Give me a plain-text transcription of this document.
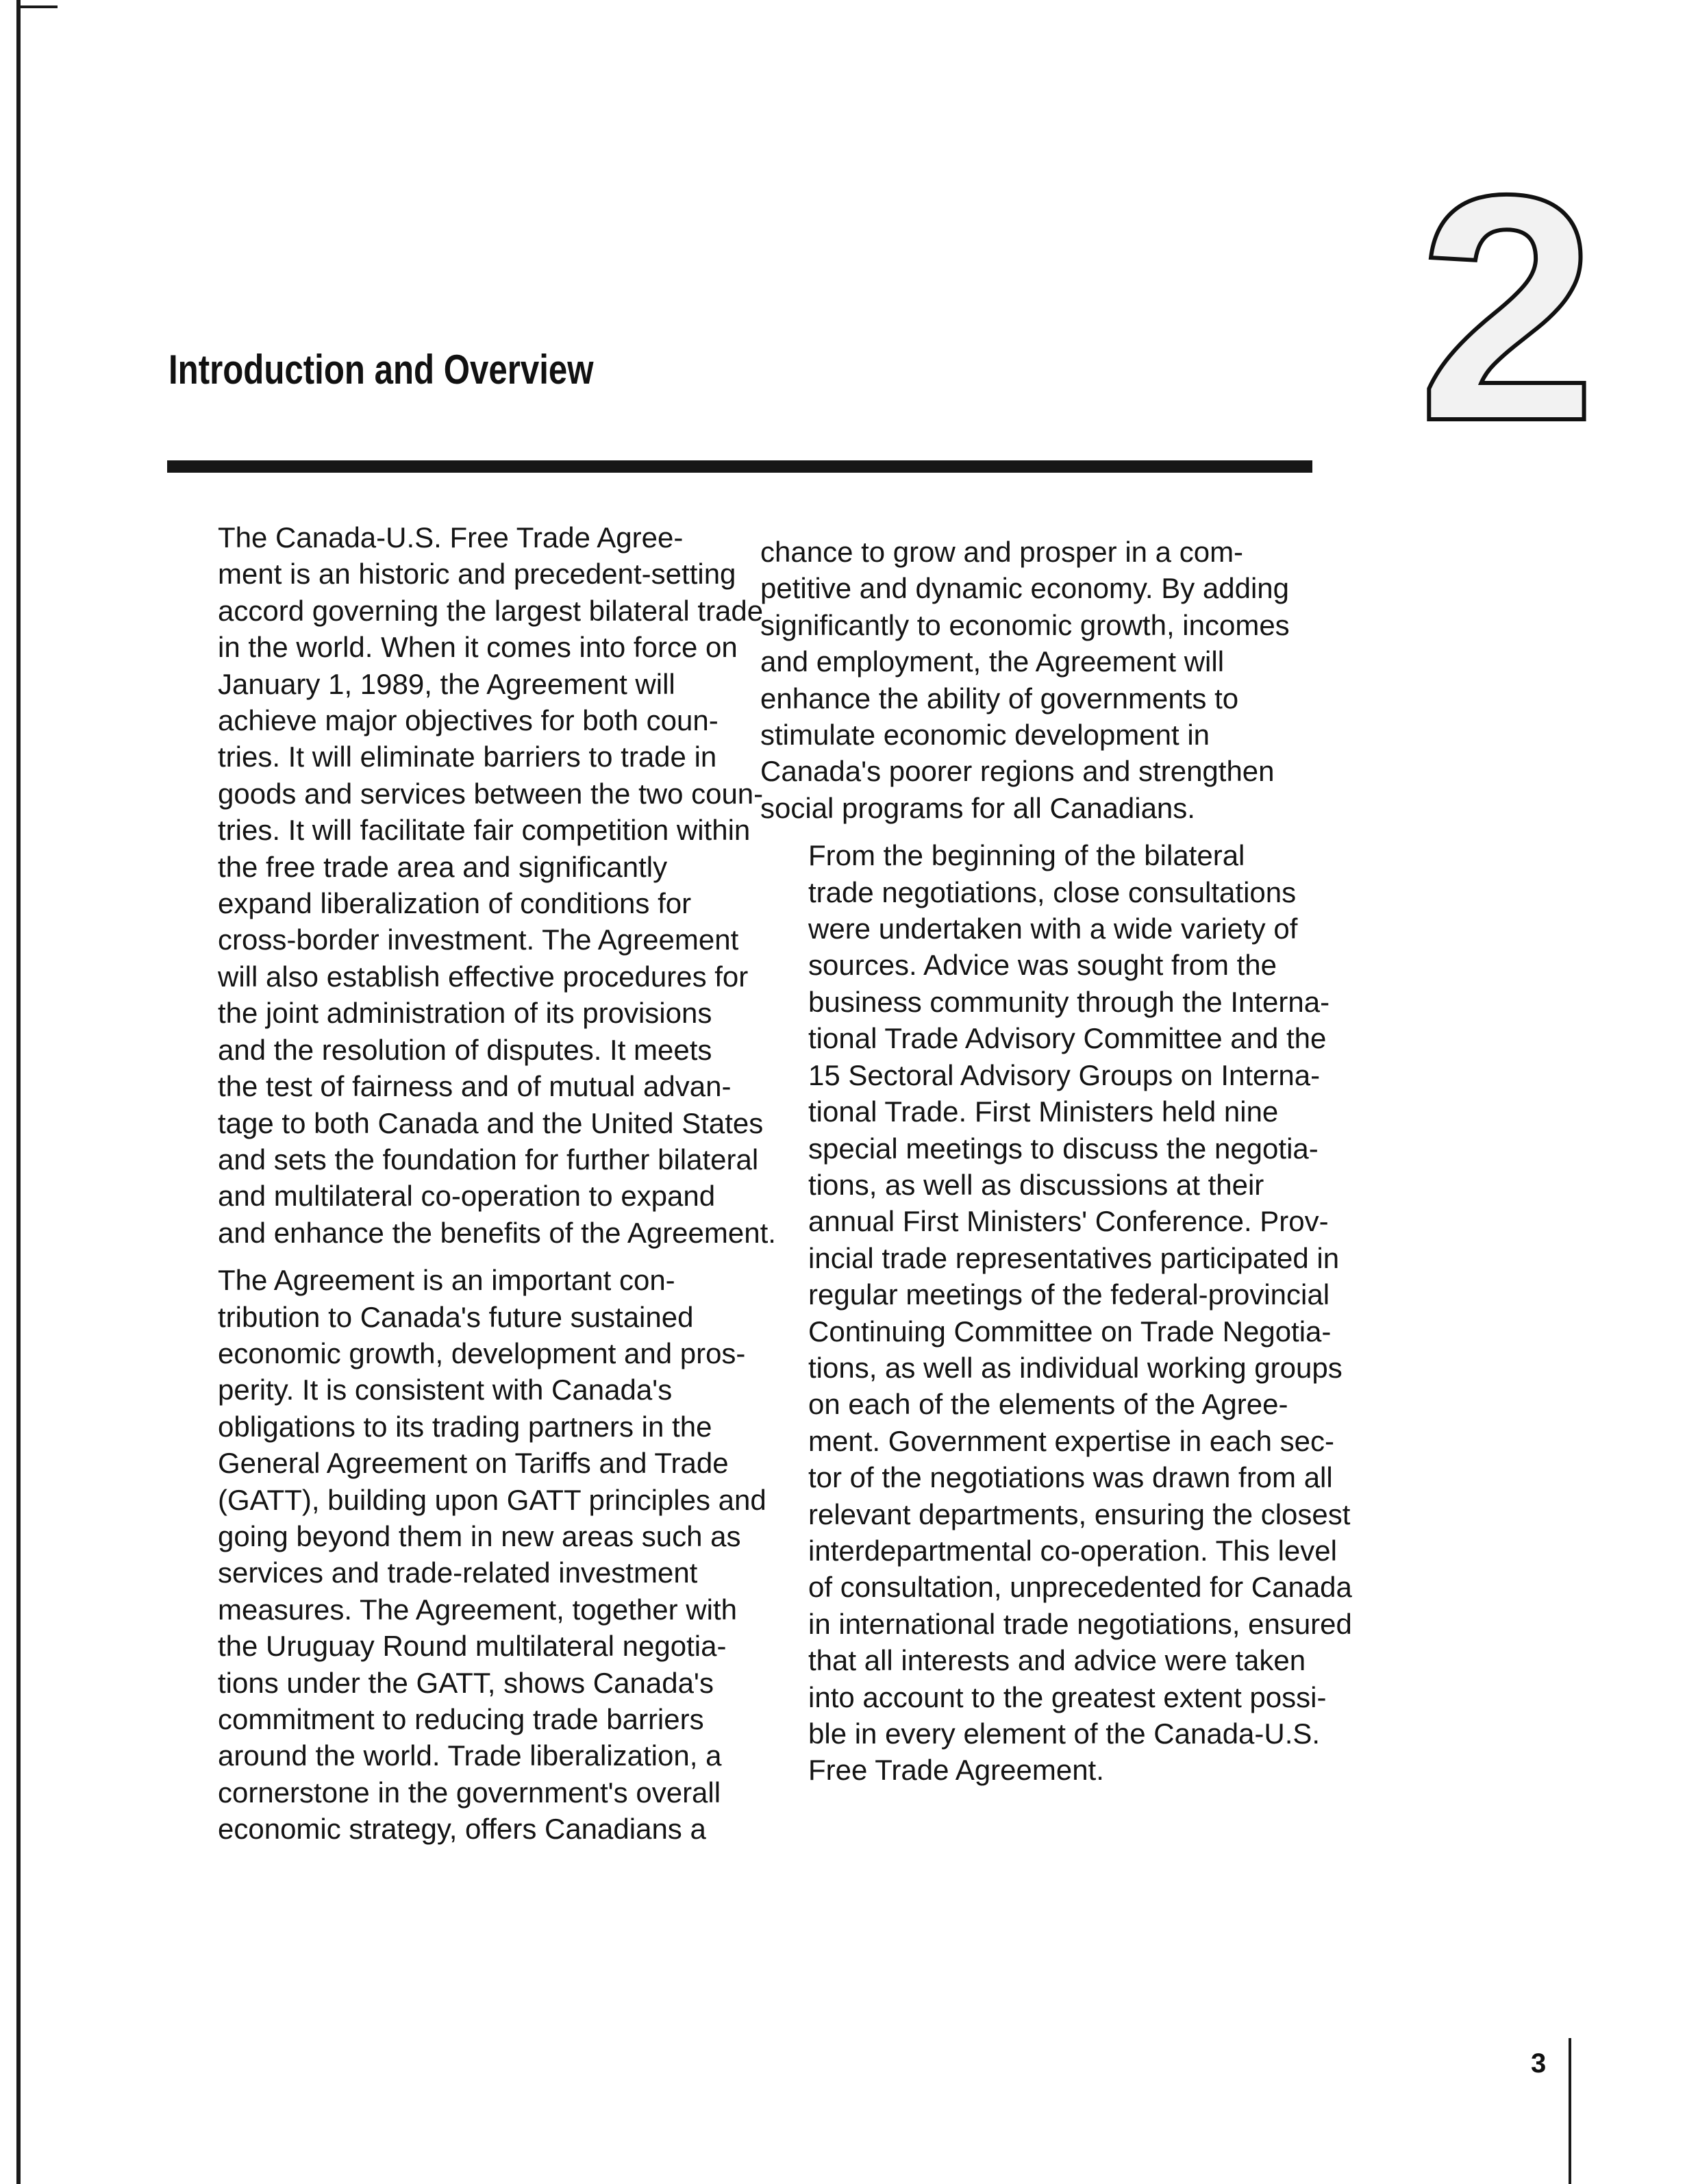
2
Introduction and Overview

The Canada-U.S. Free Trade Agree-
ment is an historic and precedent-setting
accord governing the largest bilateral trade
in the world. When it comes into force on
January 1, 1989, the Agreement will
achieve major objectives for both coun-
tries. It will eliminate barriers to trade in
goods and services between the two coun-
tries. It will facilitate fair competition within
the free trade area and significantly
expand liberalization of conditions for
cross-border investment. The Agreement
will also establish effective procedures for
the joint administration of its provisions
and the resolution of disputes. It meets
the test of fairness and of mutual advan-
tage to both Canada and the United States
and sets the foundation for further bilateral
and multilateral co-operation to expand
and enhance the benefits of the Agreement.

The Agreement is an important con-
tribution to Canada's future sustained
economic growth, development and pros-
perity. It is consistent with Canada's
obligations to its trading partners in the
General Agreement on Tariffs and Trade
(GATT), building upon GATT principles and
going beyond them in new areas such as
services and trade-related investment
measures. The Agreement, together with
the Uruguay Round multilateral negotia-
tions under the GATT, shows Canada's
commitment to reducing trade barriers
around the world. Trade liberalization, a
cornerstone in the government's overall
economic strategy, offers Canadians a

chance to grow and prosper in a com-
petitive and dynamic economy. By adding
significantly to economic growth, incomes
and employment, the Agreement will
enhance the ability of governments to
stimulate economic development in
Canada's poorer regions and strengthen
social programs for all Canadians.

From the beginning of the bilateral
trade negotiations, close consultations
were undertaken with a wide variety of
sources. Advice was sought from the
business community through the Interna-
tional Trade Advisory Committee and the
15 Sectoral Advisory Groups on Interna-
tional Trade. First Ministers held nine
special meetings to discuss the negotia-
tions, as well as discussions at their
annual First Ministers' Conference. Prov-
incial trade representatives participated in
regular meetings of the federal-provincial
Continuing Committee on Trade Negotia-
tions, as well as individual working groups
on each of the elements of the Agree-
ment. Government expertise in each sec-
tor of the negotiations was drawn from all
relevant departments, ensuring the closest
interdepartmental co-operation. This level
of consultation, unprecedented for Canada
in international trade negotiations, ensured
that all interests and advice were taken
into account to the greatest extent possi-
ble in every element of the Canada-U.S.
Free Trade Agreement.

3
